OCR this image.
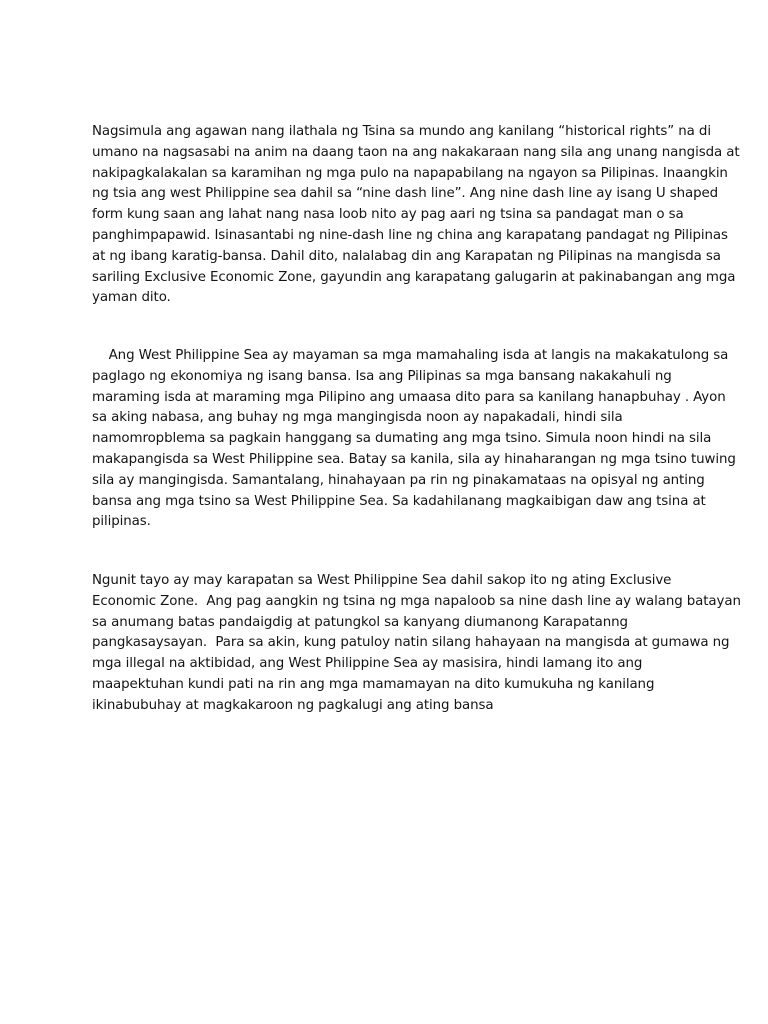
Nagsimula ang agawan nang ilathala ng Tsina sa mundo ang kanilang “historical rights” na di
umano na nagsasabi na anim na daang taon na ang nakakaraan nang sila ang unang nangisda at
nakipagkalakalan sa karamihan ng mga pulo na napapabilang na ngayon sa Pilipinas. Inaangkin
ng tsia ang west Philippine sea dahil sa “nine dash line”. Ang nine dash line ay isang U shaped
form kung saan ang lahat nang nasa loob nito ay pag aari ng tsina sa pandagat man o sa
panghimpapawid. Isinasantabi ng nine-dash line ng china ang karapatang pandagat ng Pilipinas
at ng ibang karatig-bansa. Dahil dito, nalalabag din ang Karapatan ng Pilipinas na mangisda sa
sariling Exclusive Economic Zone, gayundin ang karapatang galugarin at pakinabangan ang mga
yaman dito.

Ang West Philippine Sea ay mayaman sa mga mamahaling isda at langis na makakatulong sa
paglago ng ekonomiya ng isang bansa. Isa ang Pilipinas sa mga bansang nakakahuli ng
maraming isda at maraming mga Pilipino ang umaasa dito para sa kanilang hanapbuhay . Ayon
sa aking nabasa, ang buhay ng mga mangingisda noon ay napakadali, hindi sila
namomropblema sa pagkain hanggang sa dumating ang mga tsino. Simula noon hindi na sila
makapangisda sa West Philippine sea. Batay sa kanila, sila ay hinaharangan ng mga tsino tuwing
sila ay mangingisda. Samantalang, hinahayaan pa rin ng pinakamataas na opisyal ng anting
bansa ang mga tsino sa West Philippine Sea. Sa kadahilanang magkaibigan daw ang tsina at
pilipinas.

Ngunit tayo ay may karapatan sa West Philippine Sea dahil sakop ito ng ating Exclusive
Economic Zone.  Ang pag aangkin ng tsina ng mga napaloob sa nine dash line ay walang batayan
sa anumang batas pandaigdig at patungkol sa kanyang diumanong Karapatanng
pangkasaysayan.  Para sa akin, kung patuloy natin silang hahayaan na mangisda at gumawa ng
mga illegal na aktibidad, ang West Philippine Sea ay masisira, hindi lamang ito ang
maapektuhan kundi pati na rin ang mga mamamayan na dito kumukuha ng kanilang
ikinabubuhay at magkakaroon ng pagkalugi ang ating bansa
